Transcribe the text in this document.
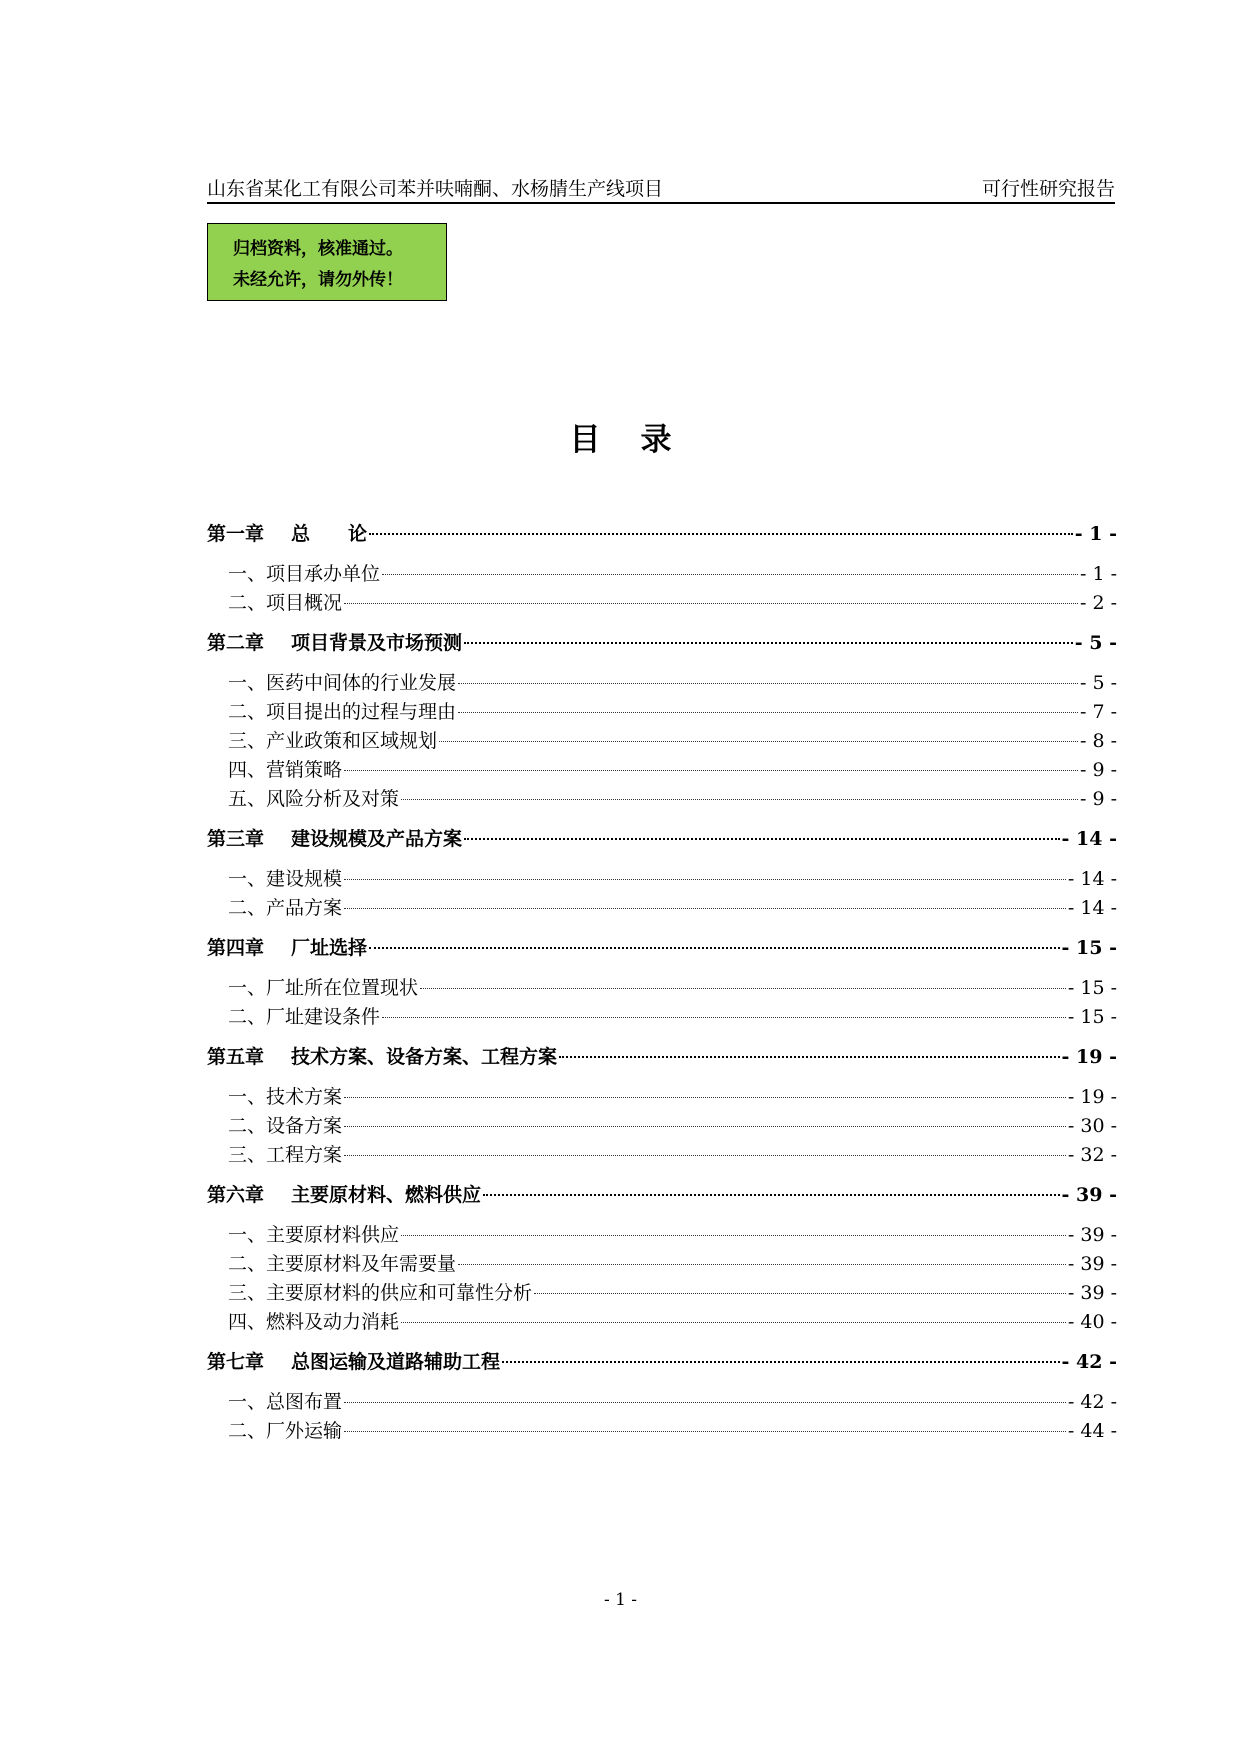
山东省某化工有限公司苯并呋喃酮、水杨腈生产线项目	可行性研究报告
归档资料，核准通过。
未经允许，请勿外传！
目录
第一章 总　　论	- 1 -
一、项目承办单位	- 1 -
二、项目概况	- 2 -
第二章 项目背景及市场预测	- 5 -
一、医药中间体的行业发展	- 5 -
二、项目提出的过程与理由	- 7 -
三、产业政策和区域规划	- 8 -
四、营销策略	- 9 -
五、风险分析及对策	- 9 -
第三章 建设规模及产品方案	- 14 -
一、建设规模	- 14 -
二、产品方案	- 14 -
第四章 厂址选择	- 15 -
一、厂址所在位置现状	- 15 -
二、厂址建设条件	- 15 -
第五章 技术方案、设备方案、工程方案	- 19 -
一、技术方案	- 19 -
二、设备方案	- 30 -
三、工程方案	- 32 -
第六章 主要原材料、燃料供应	- 39 -
一、主要原材料供应	- 39 -
二、主要原材料及年需要量	- 39 -
三、主要原材料的供应和可靠性分析	- 39 -
四、燃料及动力消耗	- 40 -
第七章 总图运输及道路辅助工程	- 42 -
一、总图布置	- 42 -
二、厂外运输	- 44 -
- 1 -
